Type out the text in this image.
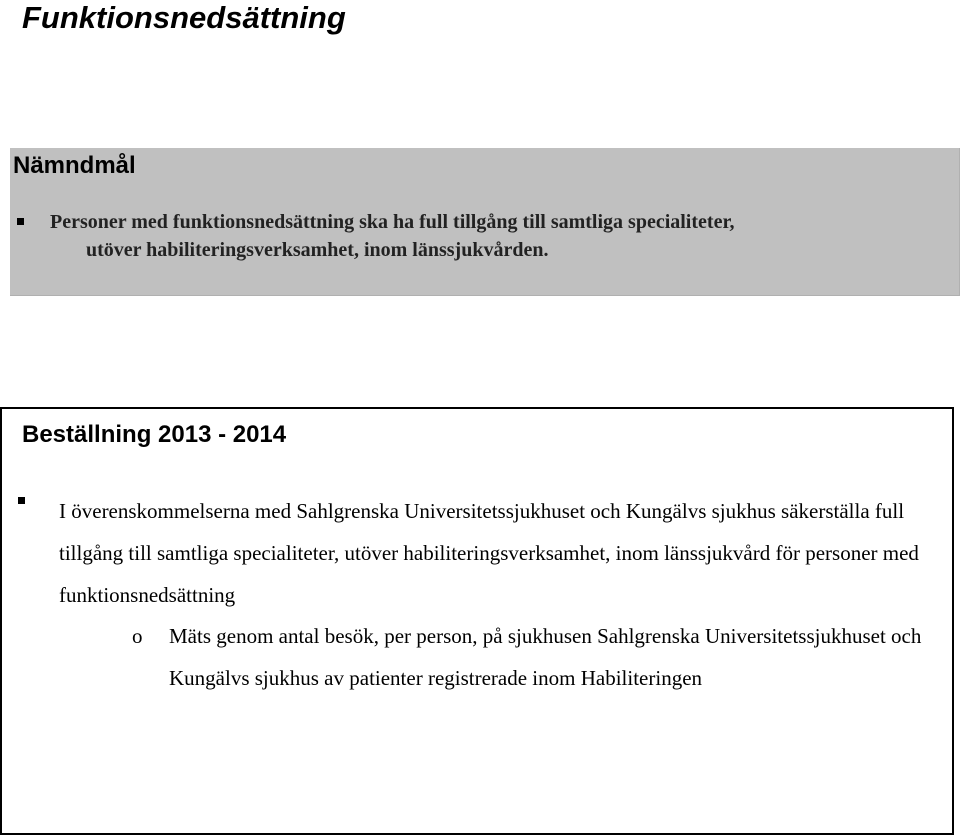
Funktionsnedsättning
Nämndmål

Personer med funktionsnedsättning ska ha full tillgång till samtliga specialiteter,
utöver habiliteringsverksamhet, inom länssjukvården.

Beställning 2013 - 2014

I överenskommelserna med Sahlgrenska Universitetssjukhuset och Kungälvs sjukhus säkerställa full tillgång till samtliga specialiteter, utöver habiliteringsverksamhet, inom länssjukvård för personer med funktionsnedsättning

o Mäts genom antal besök, per person, på sjukhusen Sahlgrenska Universitetssjukhuset och Kungälvs sjukhus av patienter registrerade inom Habiliteringen
